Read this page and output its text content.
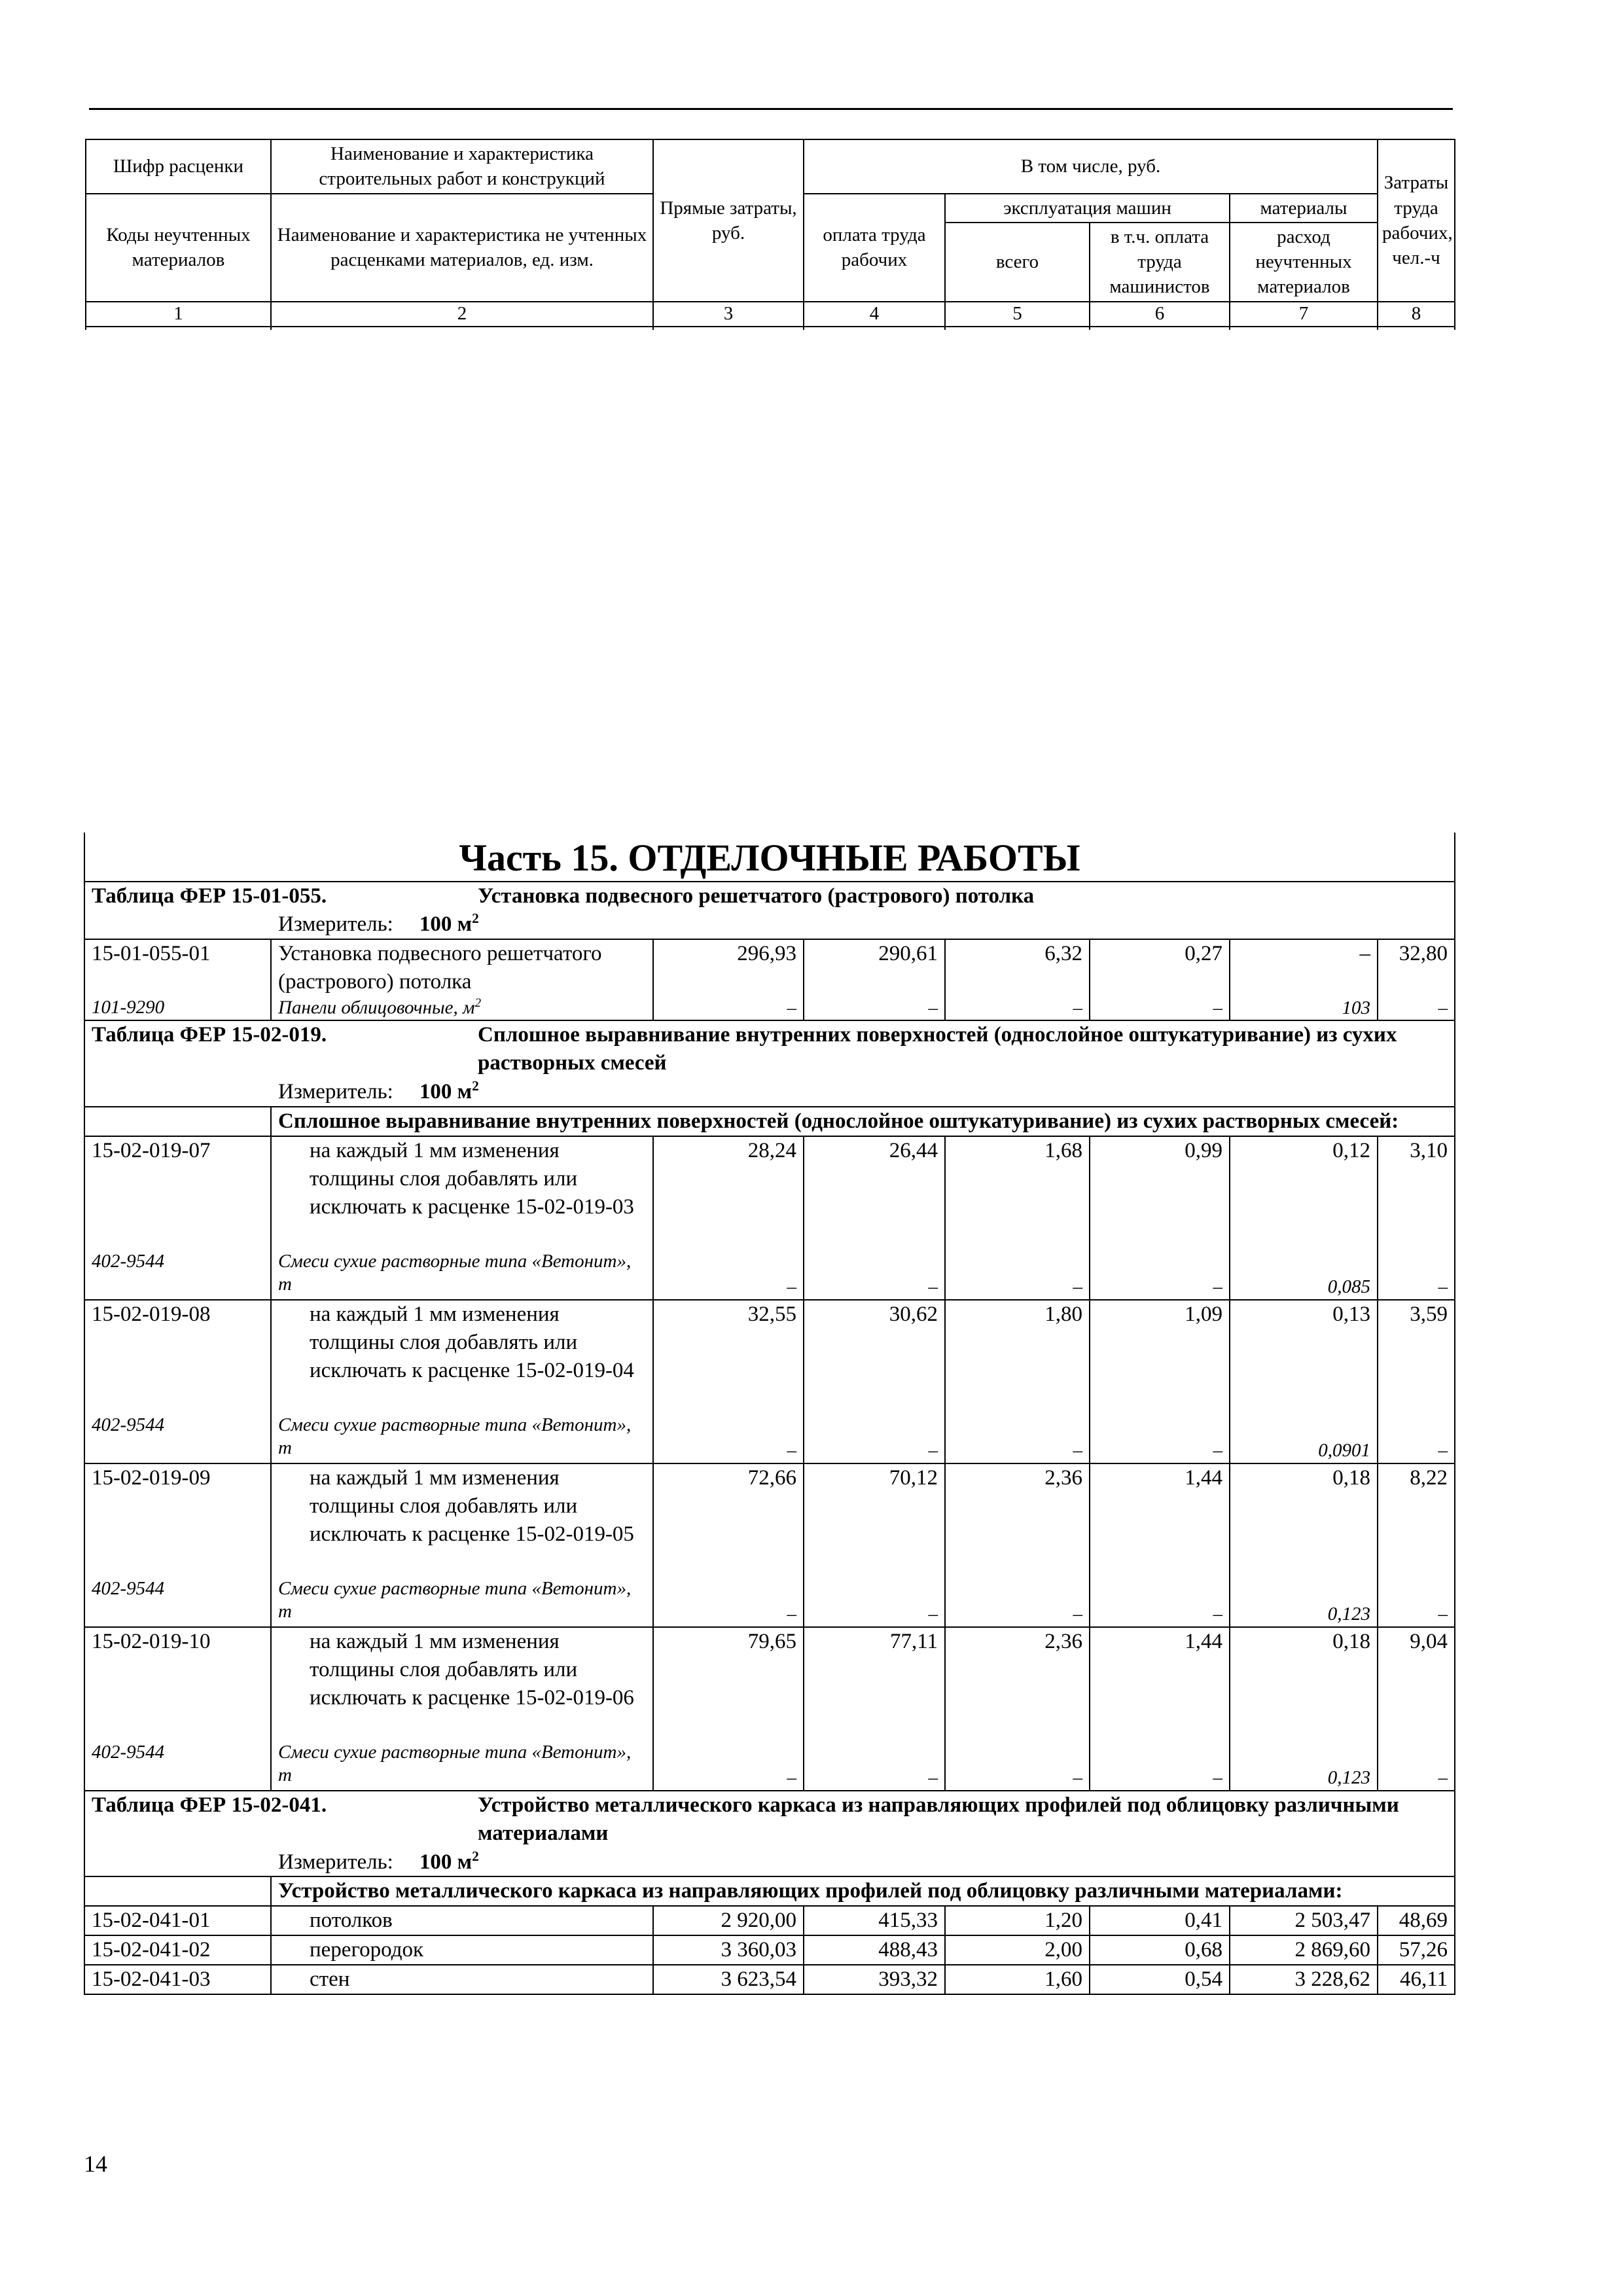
Шифр расценки	Наименование и характеристика строительных работ и конструкций	Прямые затраты, руб.	В том числе, руб.				Затраты труда рабочих, чел.-ч
Коды неучтенных материалов	Наименование и характеристика не учтенных расценками материалов, ед. изм.		оплата труда рабочих	эксплуатация машин		материалы	
				всего	в т.ч. оплата труда машинистов	расход неучтенных материалов	

1	2	3	4	5	6	7	8
Часть 15. ОТДЕЛОЧНЫЕ РАБОТЫ							
Таблица ФЕР 15-01-055. Установка подвесного решетчатого (растрового) потолка
Измеритель: 100 $м^2$

15-01-055-01	Установка подвесного решетчатого (растрового) потолка	296,93	290,61	6,32	0,27	–	32,80
101-9290	Панели облицовочные, $м^2$	–	–	–	–	103	–
Таблица ФЕР 15-02-019. Сплошное выравнивание внутренних поверхностей (однослойное оштукатуривание) из сухих растворных смесей
Измеритель: 100 $м^2$

	Сплошное выравнивание внутренних поверхностей (однослойное оштукатуривание) из сухих растворных смесей:						
15-02-019-07	на каждый 1 мм изменения толщины слоя добавлять или исключать к расценке 15-02-019-03	28,24	26,44	1,68	0,99	0,12	3,10
402-9544	Смеси сухие растворные типа «Ветонит», т	–	–	–	–	0,085	–
15-02-019-08	на каждый 1 мм изменения толщины слоя добавлять или исключать к расценке 15-02-019-04	32,55	30,62	1,80	1,09	0,13	3,59
402-9544	Смеси сухие растворные типа «Ветонит», т	–	–	–	–	0,0901	–
15-02-019-09	на каждый 1 мм изменения толщины слоя добавлять или исключать к расценке 15-02-019-05	72,66	70,12	2,36	1,44	0,18	8,22
402-9544	Смеси сухие растворные типа «Ветонит», т	–	–	–	–	0,123	–
15-02-019-10	на каждый 1 мм изменения толщины слоя добавлять или исключать к расценке 15-02-019-06	79,65	77,11	2,36	1,44	0,18	9,04
402-9544	Смеси сухие растворные типа «Ветонит», т	–	–	–	–	0,123	–
Таблица ФЕР 15-02-041. Устройство металлического каркаса из направляющих профилей под облицовку различными материалами
Измеритель: 100 $м^2$

	Устройство металлического каркаса из направляющих профилей под облицовку различными материалами:						
15-02-041-01	потолков	2 920,00	415,33	1,20	0,41	2 503,47	48,69
15-02-041-02	перегородок	3 360,03	488,43	2,00	0,68	2 869,60	57,26
15-02-041-03	стен	3 623,54	393,32	1,60	0,54	3 228,62	46,11
14
